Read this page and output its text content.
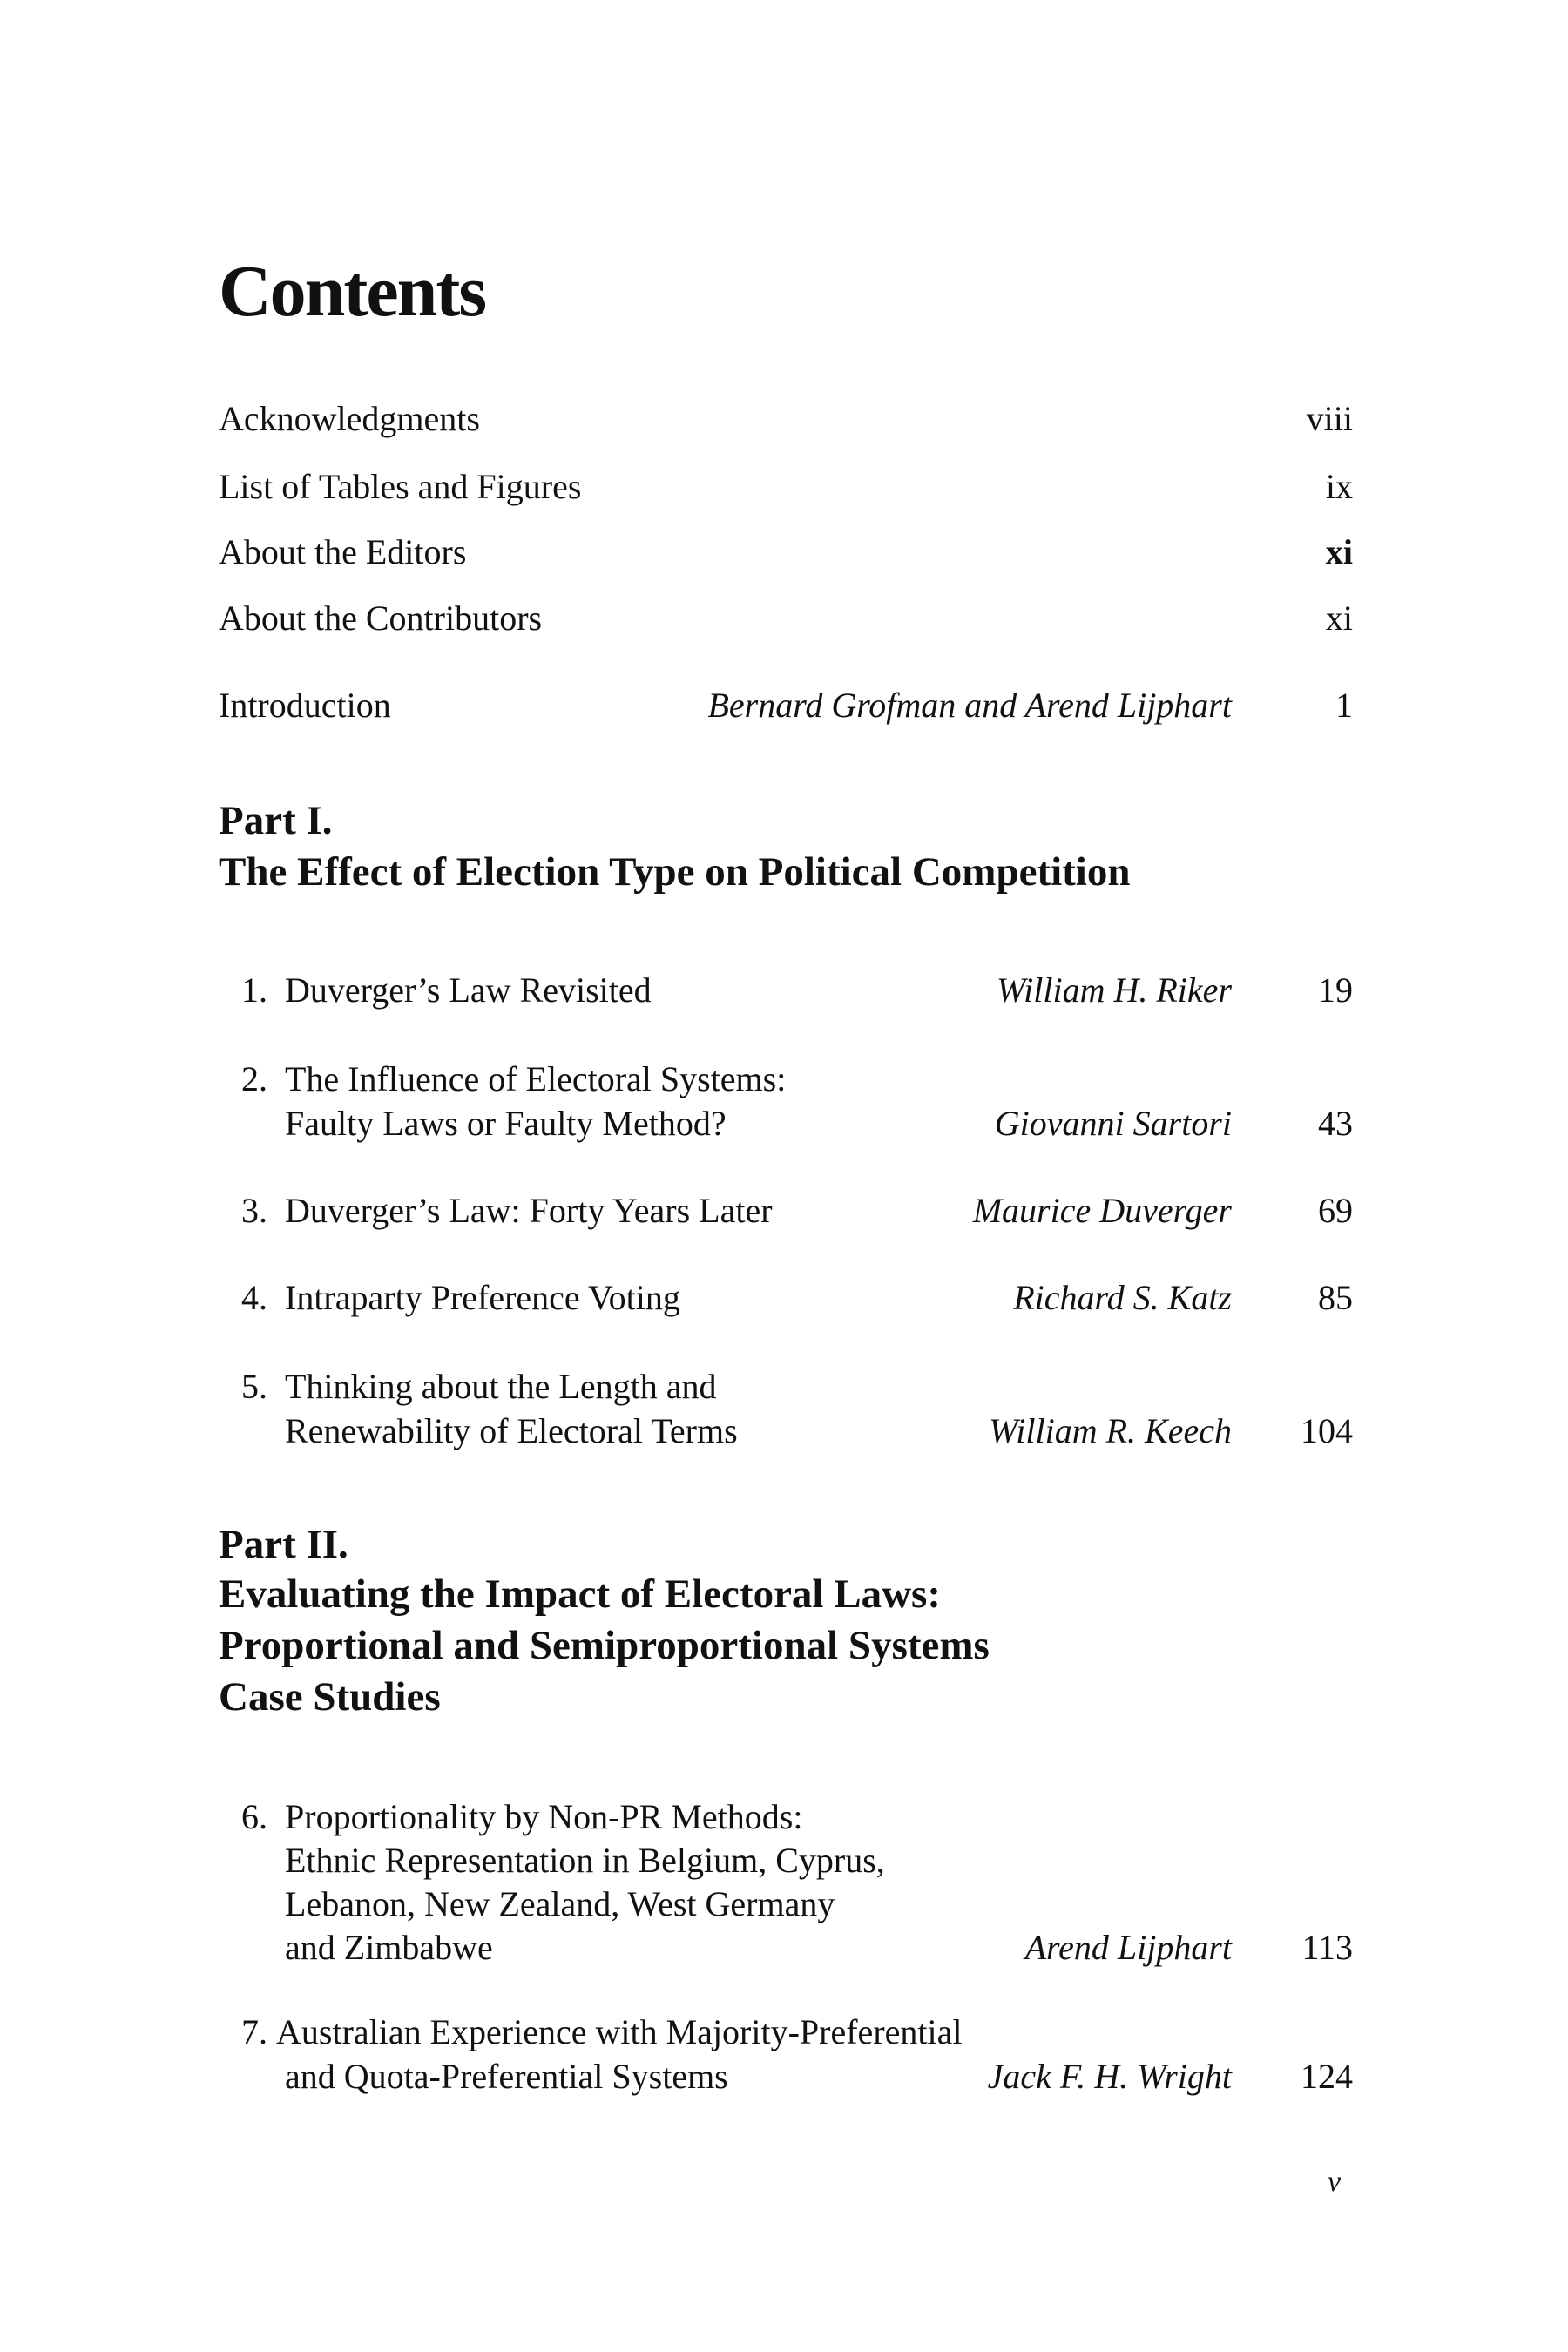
Contents
Acknowledgments	viii
List of Tables and Figures	ix
About the Editors	xi
About the Contributors	xi
Introduction	Bernard Grofman and Arend Lijphart	1
Part I.
The Effect of Election Type on Political Competition
1. Duverger’s Law Revisited	William H. Riker 19
2. The Influence of Electoral Systems:
Faulty Laws or Faulty Method?	Giovanni Sartori 43
3. Duverger’s Law: Forty Years Later	Maurice Duverger 69
4. Intraparty Preference Voting	Richard S. Katz 85
5. Thinking about the Length and
Renewability of Electoral Terms	William R. Keech 104
Part II.
Evaluating the Impact of Electoral Laws:
Proportional and Semiproportional Systems
Case Studies
6. Proportionality by Non-PR Methods:
Ethnic Representation in Belgium, Cyprus,
Lebanon, New Zealand, West Germany
and Zimbabwe	Arend Lijphart 113
7. Australian Experience with Majority-Preferential
and Quota-Preferential Systems	Jack F. H. Wright 124
v
